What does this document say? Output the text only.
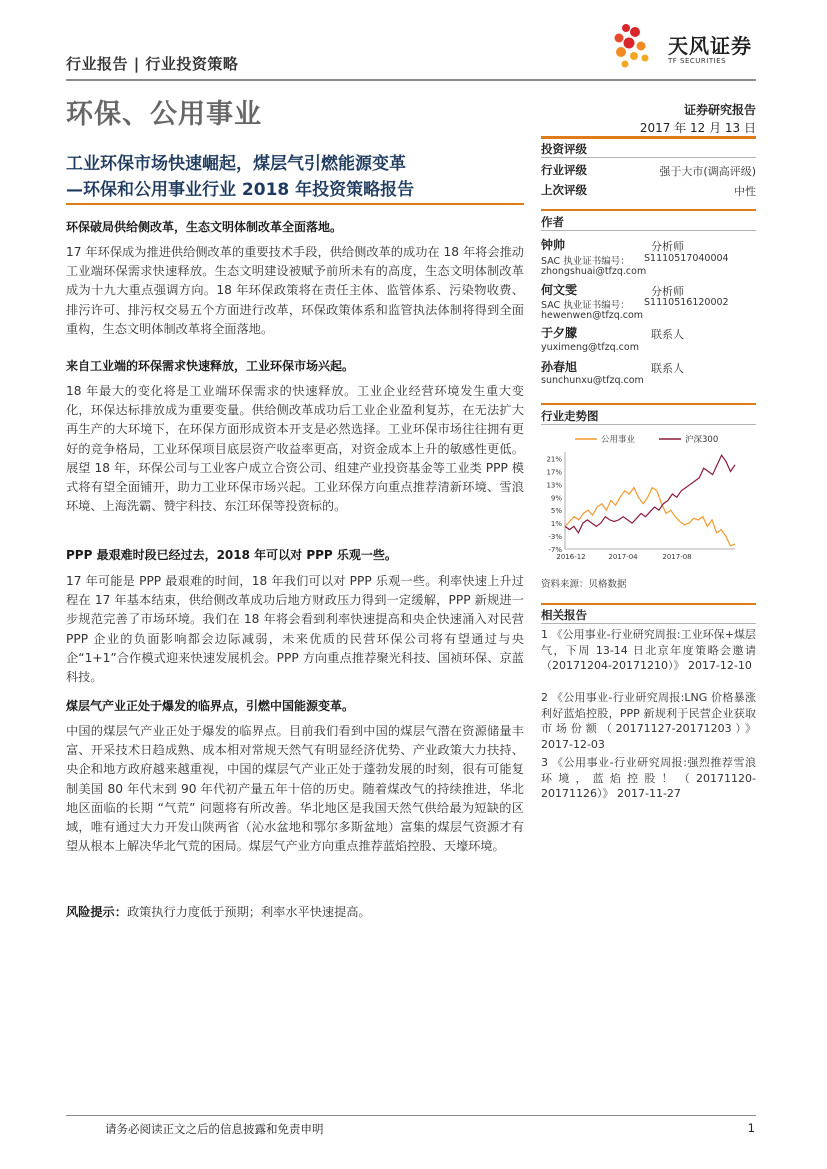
行业报告 | 行业投资策略
天风证券
TF SECURITIES
环保、公用事业	证券研究报告
2017 年 12 月 13 日
工业环保市场快速崛起，煤层气引燃能源变革
—环保和公用事业行业 2018 年投资策略报告
环保破局供给侧改革，生态文明体制改革全面落地。
17 年环保成为推进供给侧改革的重要技术手段，供给侧改革的成功在 18 年将会推动工业端环保需求快速释放。生态文明建设被赋予前所未有的高度，生态文明体制改革成为十九大重点强调方向。18 年环保政策将在责任主体、监管体系、污染物收费、排污许可、排污权交易五个方面进行改革，环保政策体系和监管执法体制将得到全面重构，生态文明体制改革将全面落地。
来自工业端的环保需求快速释放，工业环保市场兴起。
18 年最大的变化将是工业端环保需求的快速释放。工业企业经营环境发生重大变化，环保达标排放成为重要变量。供给侧改革成功后工业企业盈利复苏，在无法扩大再生产的大环境下，在环保方面形成资本开支是必然选择。工业环保市场往往拥有更好的竞争格局，工业环保项目底层资产收益率更高，对资金成本上升的敏感性更低。展望 18 年，环保公司与工业客户成立合资公司、组建产业投资基金等工业类 PPP 模式将有望全面铺开，助力工业环保市场兴起。工业环保方向重点推荐清新环境、雪浪环境、上海洗霸、赞宇科技、东江环保等投资标的。
PPP 最艰难时段已经过去，2018 年可以对 PPP 乐观一些。
17 年可能是 PPP 最艰难的时间，18 年我们可以对 PPP 乐观一些。利率快速上升过程在 17 年基本结束，供给侧改革成功后地方财政压力得到一定缓解，PPP 新规进一步规范完善了市场环境。我们在 18 年将会看到利率快速提高和央企快速涌入对民营 PPP 企业的负面影响都会边际减弱，未来优质的民营环保公司将有望通过与央企“1+1”合作模式迎来快速发展机会。PPP 方向重点推荐聚光科技、国祯环保、京蓝科技。
煤层气产业正处于爆发的临界点，引燃中国能源变革。
中国的煤层气产业正处于爆发的临界点。目前我们看到中国的煤层气潜在资源储量丰富、开采技术日趋成熟、成本相对常规天然气有明显经济优势、产业政策大力扶持、央企和地方政府越来越重视，中国的煤层气产业正处于蓬勃发展的时刻，很有可能复制美国 80 年代末到 90 年代初产量五年十倍的历史。随着煤改气的持续推进，华北地区面临的长期 “气荒” 问题将有所改善。华北地区是我国天然气供给最为短缺的区域，唯有通过大力开发山陕两省（沁水盆地和鄂尔多斯盆地）富集的煤层气资源才有望从根本上解决华北气荒的困局。煤层气产业方向重点推荐蓝焰控股、天壕环境。
风险提示：政策执行力度低于预期；利率水平快速提高。
投资评级
行业评级	强于大市(调高评级)
上次评级	中性
作者
钟帅	分析师
SAC 执业证书编号： S1110517040004
zhongshuai@tfzq.com
何文雯	分析师
SAC 执业证书编号： S1110516120002
hewenwen@tfzq.com
于夕朦	联系人
yuximeng@tfzq.com
孙春旭	联系人
sunchunxu@tfzq.com
行业走势图
公用事业	沪深300
21%
17%
13%
9%
5%
1%
-3%
-7%
2016-12	2017-04	2017-08
资料来源：贝格数据
相关报告
1 《公用事业-行业研究周报:工业环保+煤层气，下周 13-14 日北京年度策略会邀请（20171204-20171210）》 2017-12-10
2 《公用事业-行业研究周报:LNG 价格暴涨利好蓝焰控股，PPP 新规利于民营企业获取市场份额（20171127-20171203）》 2017-12-03
3 《公用事业-行业研究周报:强烈推荐雪浪环境，蓝焰控股！（20171120-20171126）》 2017-11-27
请务必阅读正文之后的信息披露和免责申明	1
